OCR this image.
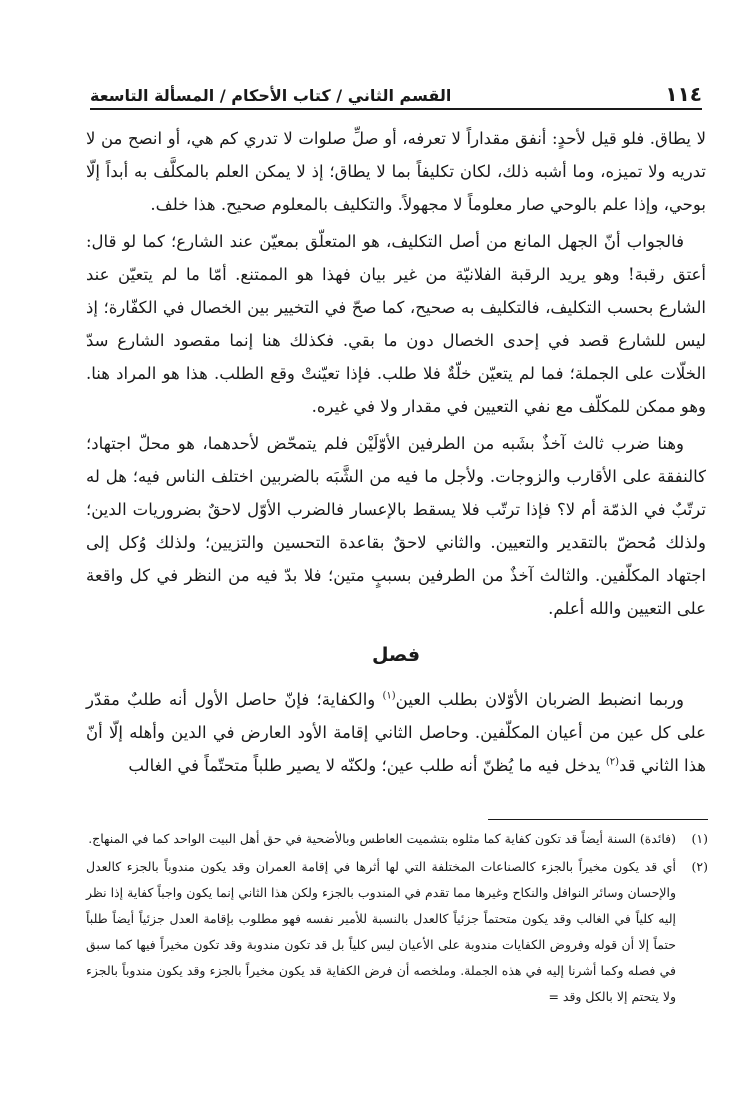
١١٤
القسم الثاني / كتاب الأحكام / المسألة التاسعة

لا يطاق. فلو قيل لأحدٍ: أنفق مقداراً لا تعرفه، أو صلِّ صلوات لا تدري كم هي، أو انصح من لا تدريه ولا تميزه، وما أشبه ذلك، لكان تكليفاً بما لا يطاق؛ إذ لا يمكن العلم بالمكلَّف به أبداً إلّا بوحي، وإذا علم بالوحي صار معلوماً لا مجهولاً. والتكليف بالمعلوم صحيح. هذا خلف.

فالجواب أنّ الجهل المانع من أصل التكليف، هو المتعلّق بمعيّن عند الشارع؛ كما لو قال: أعتق رقبة! وهو يريد الرقبة الفلانيّة من غير بيان فهذا هو الممتنع. أمّا ما لم يتعيّن عند الشارع بحسب التكليف، فالتكليف به صحيح، كما صحّ في التخيير بين الخصال في الكفّارة؛ إذ ليس للشارع قصد في إحدى الخصال دون ما بقي. فكذلك هنا إنما مقصود الشارع سدّ الخلّات على الجملة؛ فما لم يتعيّن خلّةٌ فلا طلب. فإذا تعيّنتْ وقع الطلب. هذا هو المراد هنا. وهو ممكن للمكلّف مع نفي التعيين في مقدار ولا في غيره.

وهنا ضرب ثالث آخذٌ بشَبه من الطرفين الأوّلَيْن فلم يتمحّض لأحدهما، هو محلّ اجتهاد؛ كالنفقة على الأقارب والزوجات. ولأجل ما فيه من الشَّبَه بالضربين اختلف الناس فيه؛ هل له ترتّبٌ في الذمّة أم لا؟ فإذا ترتّب فلا يسقط بالإعسار فالضرب الأوّل لاحقٌ بضروريات الدين؛ ولذلك مُحضّ بالتقدير والتعيين. والثاني لاحقٌ بقاعدة التحسين والتزيين؛ ولذلك وُكل إلى اجتهاد المكلّفين. والثالث آخذٌ من الطرفين بسببٍ متين؛ فلا بدّ فيه من النظر في كل واقعة على التعيين والله أعلم.

فصل

وربما انضبط الضربان الأوّلان بطلب العين$^{(١)}$ والكفاية؛ فإنّ حاصل الأول أنه طلبٌ مقدّر على كل عين من أعيان المكلّفين. وحاصل الثاني إقامة الأود العارض في الدين وأهله إلّا أنّ هذا الثاني قد$^{(٢)}$ يدخل فيه ما يُظنّ أنه طلب عين؛ ولكنّه لا يصير طلباً متحتّماً في الغالب

(١)
(فائدة) السنة أيضاً قد تكون كفاية كما مثلوه بتشميت العاطس وبالأضحية في حق أهل البيت الواحد كما في المنهاج.
(٢)
أي قد يكون مخيراً بالجزء كالصناعات المختلفة التي لها أثرها في إقامة العمران وقد يكون مندوباً بالجزء كالعدل والإحسان وسائر النوافل والنكاح وغيرها مما تقدم في المندوب بالجزء ولكن هذا الثاني إنما يكون واجباً كفاية إذا نظر إليه كلياً في الغالب وقد يكون متحتماً جزئياً كالعدل بالنسبة للأمير نفسه فهو مطلوب بإقامة العدل جزئياً أيضاً طلباً حتماً إلا أن قوله وفروض الكفايات مندوبة على الأعيان ليس كلياً بل قد تكون مندوبة وقد تكون مخيراً فيها كما سبق في فصله وكما أشرنا إليه في هذه الجملة. وملخصه أن فرض الكفاية قد يكون مخيراً بالجزء وقد يكون مندوباً بالجزء ولا يتحتم إلا بالكل وقد =
